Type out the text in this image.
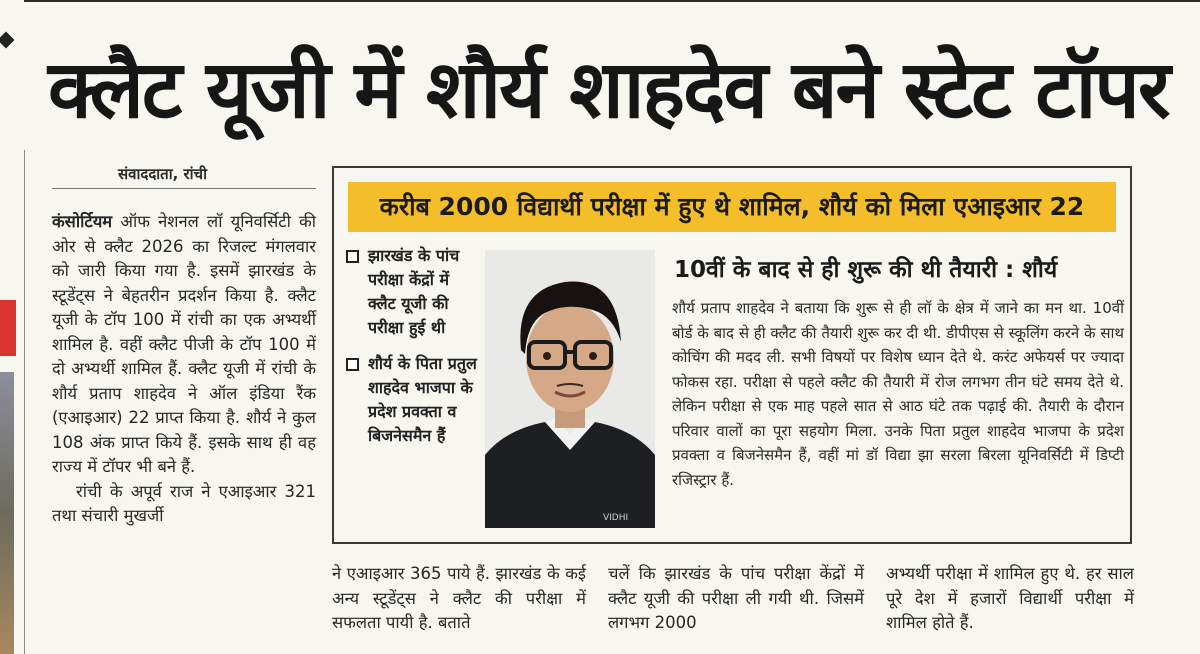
क्लैट यूजी में शौर्य शाहदेव बने स्टेट टॉपर
संवाददाता, रांची

कंसोर्टियम ऑफ नेशनल लॉ यूनिवर्सिटी की ओर से क्लैट 2026 का रिजल्ट मंगलवार को जारी किया गया है. इसमें झारखंड के स्टूडेंट्स ने बेहतरीन प्रदर्शन किया है. क्लैट यूजी के टॉप 100 में रांची का एक अभ्यर्थी शामिल है. वहीं क्लैट पीजी के टॉप 100 में दो अभ्यर्थी शामिल हैं. क्लैट यूजी में रांची के शौर्य प्रताप शाहदेव ने ऑल इंडिया रैंक (एआइआर) 22 प्राप्त किया है. शौर्य ने कुल 108 अंक प्राप्त किये हैं. इसके साथ ही वह राज्य में टॉपर भी बने हैं.

रांची के अपूर्व राज ने एआइआर 321 तथा संचारी मुखर्जी

करीब 2000 विद्यार्थी परीक्षा में हुए थे शामिल, शौर्य को मिला एआइआर 22
झारखंड के पांच परीक्षा केंद्रों में क्लैट यूजी की परीक्षा हुई थी
शौर्य के पिता प्रतुल शाहदेव भाजपा के प्रदेश प्रवक्ता व बिजनेसमैन हैं
VIDHI
10वीं के बाद से ही शुरू की थी तैयारी : शौर्य
शौर्य प्रताप शाहदेव ने बताया कि शुरू से ही लॉ के क्षेत्र में जाने का मन था. 10वीं बोर्ड के बाद से ही क्लैट की तैयारी शुरू कर दी थी. डीपीएस से स्कूलिंग करने के साथ कोचिंग की मदद ली. सभी विषयों पर विशेष ध्यान देते थे. करंट अफेयर्स पर ज्यादा फोकस रहा. परीक्षा से पहले क्लैट की तैयारी में रोज लगभग तीन घंटे समय देते थे. लेकिन परीक्षा से एक माह पहले सात से आठ घंटे तक पढ़ाई की. तैयारी के दौरान परिवार वालों का पूरा सहयोग मिला. उनके पिता प्रतुल शाहदेव भाजपा के प्रदेश प्रवक्ता व बिजनेसमैन हैं, वहीं मां डॉ विद्या झा सरला बिरला यूनिवर्सिटी में डिप्टी रजिस्ट्रार हैं.
ने एआइआर 365 पाये हैं. झारखंड के कई अन्य स्टूडेंट्स ने क्लैट की परीक्षा में सफलता पायी है. बताते
चलें कि झारखंड के पांच परीक्षा केंद्रों में क्लैट यूजी की परीक्षा ली गयी थी. जिसमें लगभग 2000
अभ्यर्थी परीक्षा में शामिल हुए थे. हर साल पूरे देश में हजारों विद्यार्थी परीक्षा में शामिल होते हैं.
